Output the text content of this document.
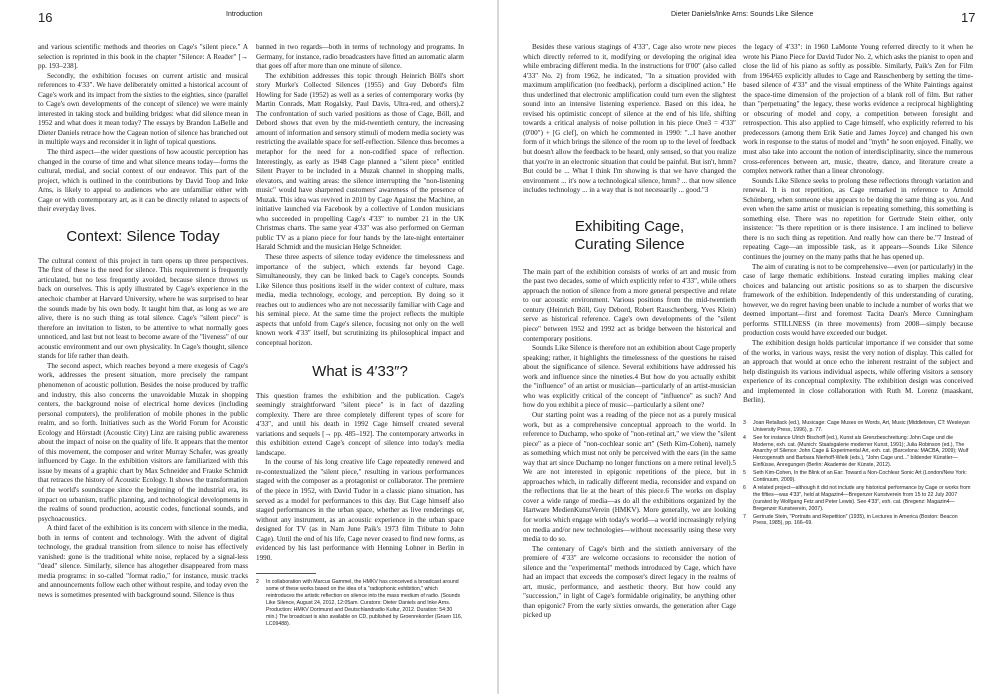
16	Introduction

and various scientific methods and theories on Cage's "silent piece." A selection is reprinted in this book in the chapter "Silence: A Reader" [→ pp. 193–238].

Secondly, the exhibition focuses on current artistic and musical references to 4′33″. We have deliberately omitted a historical account of Cage's work and its impact from the sixties to the eighties, since (parallel to Cage's own developments of the concept of silence) we were mainly interested in taking stock and building bridges: what did silence mean in 1952 and what does it mean today? The essays by Brandon LaBelle and Dieter Daniels retrace how the Cagean notion of silence has branched out in multiple ways and reconsider it in light of topical questions.

The third aspect—the wider questions of how acoustic perception has changed in the course of time and what silence means today—forms the cultural, medial, and social context of our endeavor. This part of the project, which is outlined in the contributions by David Toop and Inke Arns, is likely to appeal to audiences who are unfamiliar either with Cage or with contemporary art, as it can be directly related to aspects of their everyday lives.

Context: Silence Today

The cultural context of this project in turn opens up three perspectives. The first of these is the need for silence. This requirement is frequently articulated, but no less frequently avoided, because silence throws us back on ourselves. This is aptly illustrated by Cage's experience in the anechoic chamber at Harvard University, where he was surprised to hear the sounds made by his own body. It taught him that, as long as we are alive, there is no such thing as total silence. Cage's "silent piece" is therefore an invitation to listen, to be attentive to what normally goes unnoticed, and last but not least to become aware of the "liveness" of our acoustic environment and our own physicality. In Cage's thought, silence stands for life rather than death.

The second aspect, which reaches beyond a mere exegesis of Cage's work, addresses the present situation, more precisely the rampant phenomenon of acoustic pollution. Besides the noise produced by traffic and industry, this also concerns the unavoidable Muzak in shopping centers, the background noise of electrical home devices (including personal computers), the proliferation of mobile phones in the public realm, and so forth. Initiatives such as the World Forum for Acoustic Ecology and Hörstadt (Acoustic City) Linz are raising public awareness about the impact of noise on the quality of life. It appears that the mentor of this movement, the composer and writer Murray Schafer, was greatly influenced by Cage. In the exhibition visitors are familiarized with this issue by means of a graphic chart by Max Schneider and Frauke Schmidt that retraces the history of Acoustic Ecology. It shows the transformation of the world's soundscape since the beginning of the industrial era, its impact on urbanism, traffic planning, and technological developments in the realms of sound production, acoustic codes, functional sounds, and psychoacoustics.

A third facet of the exhibition is its concern with silence in the media, both in terms of content and technology. With the advent of digital technology, the gradual transition from silence to noise has effectively vanished: gone is the traditional white noise, replaced by a signal-less "dead" silence. Similarly, silence has altogether disappeared from mass media programs: in so-called "format radio," for instance, music tracks and announcements follow each other without respite, and today even the news is sometimes presented with background sound. Silence is thus

banned in two regards—both in terms of technology and programs. In Germany, for instance, radio broadcasters have fitted an automatic alarm that goes off after more than one minute of silence.

The exhibition addresses this topic through Heinrich Böll's short story Murke's Collected Silences (1955) and Guy Debord's film Howling for Sade (1952) as well as a series of contemporary works (by Martin Conrads, Matt Rogalsky, Paul Davis, Ultra-red, and others).2 The confrontation of such varied positions as those of Cage, Böll, and Debord shows that even by the mid-twentieth century, the increasing amount of information and sensory stimuli of modern media society was restricting the available space for self-reflection. Silence thus becomes a metaphor for the need for a non-codified space of reflection. Interestingly, as early as 1948 Cage planned a "silent piece" entitled Silent Prayer to be included in a Muzak channel in shopping malls, elevators, and waiting areas: the silence interrupting the "non-listening music" would have sharpened customers' awareness of the presence of Muzak. This idea was revived in 2010 by Cage Against the Machine, an initiative launched via Facebook by a collective of London musicians who succeeded in propelling Cage's 4′33″ to number 21 in the UK Christmas charts. The same year 4′33″ was also performed on German public TV as a piano piece for four hands by the late-night entertainer Harald Schmidt and the musician Helge Schneider.

These three aspects of silence today evidence the timelessness and importance of the subject, which extends far beyond Cage. Simultaneously, they can be linked back to Cage's concepts. Sounds Like Silence thus positions itself in the wider context of culture, mass media, media technology, ecology, and perception. By doing so it reaches out to audiences who are not necessarily familiar with Cage and his seminal piece. At the same time the project reflects the multiple aspects that unfold from Cage's silence, focusing not only on the well known work 4′33″ itself, but scrutinizing its philosophical impact and conceptual horizon.

What is 4′33″?

This question frames the exhibition and the publication. Cage's seemingly straightforward "silent piece" is in fact of dazzling complexity. There are three completely different types of score for 4′33″, and until his death in 1992 Cage himself created several variations and sequels [→ pp. 485–192]. The contemporary artworks in this exhibition extend Cage's concept of silence into today's media landscape.

In the course of his long creative life Cage repeatedly renewed and re-contextualized the "silent piece," resulting in various performances staged with the composer as a protagonist or collaborator. The premiere of the piece in 1952, with David Tudor in a classic piano situation, has served as a model for performances to this day. But Cage himself also staged performances in the urban space, whether as live renderings or, without any instrument, as an acoustic experience in the urban space designed for TV (as in Nam June Paik's 1973 film Tribute to John Cage). Until the end of his life, Cage never ceased to find new forms, as evidenced by his last performance with Henning Lohner in Berlin in 1990.

2	In collaboration with Marcus Gammel, the HMKV has conceived a broadcast around some of these works based on the idea of a "radiophonic exhibition," which reintroduces the artistic reflection on silence into the mass medium of radio. (Sounds Like Silence, August 24, 2012, 12:05am. Curators: Dieter Daniels and Inke Arns. Production: HMKV Dortmund and Deutschlandradio Kultur, 2012. Duration: 54:30 min.) The broadcast is also available on CD, published by Groenrekorder (Gruen 116, LC09488).
Dieter Daniels/Inke Arns: Sounds Like Silence	17

Besides these various stagings of 4′33″, Cage also wrote new pieces which directly referred to it, modifying or developing the original idea while embracing different media. In the instructions for 0′00″ (also called 4′33″ No. 2) from 1962, he indicated, "In a situation provided with maximum amplification (no feedback), perform a disciplined action." He thus underlined that electronic amplification could turn even the slightest sound into an intensive listening experience. Based on this idea, he revised his optimistic concept of silence at the end of his life, shifting towards a critical analysis of noise pollution in his piece One3 = 4′33″ (0′00″) + [G clef], on which he commented in 1990: "...I have another form of it which brings the silence of the room up to the level of feedback but doesn't allow the feedback to be heard, only sensed, so that you realize that you're in an electronic situation that could be painful. But isn't, hmm? But could be ... What I think I'm showing is that we have changed the environment ... it's now a technological silence, hmm? ... that now silence includes technology ... in a way that is not necessarily ... good."3

Exhibiting Cage,
Curating Silence

The main part of the exhibition consists of works of art and music from the past two decades, some of which explicitly refer to 4′33″, while others approach the notion of silence from a more general perspective and relate to our acoustic environment. Various positions from the mid-twentieth century (Heinrich Böll, Guy Debord, Robert Rauschenberg, Yves Klein) serve as historical reference. Cage's own developments of the "silent piece" between 1952 and 1992 act as bridge between the historical and contemporary positions.

Sounds Like Silence is therefore not an exhibition about Cage properly speaking; rather, it highlights the timelessness of the questions he raised about the significance of silence. Several exhibitions have addressed his work and influence since the nineties.4 But how do you actually exhibit the "influence" of an artist or musician—particularly of an artist-musician who was explicitly critical of the concept of "influence" as such? And how do you exhibit a piece of music—particularly a silent one?

Our starting point was a reading of the piece not as a purely musical work, but as a comprehensive conceptual approach to the world. In reference to Duchamp, who spoke of "non-retinal art," we view the "silent piece" as a piece of "non-cochlear sonic art" (Seth Kim-Cohen), namely as something which must not only be perceived with the ears (in the same way that art since Duchamp no longer functions on a mere retinal level).5 We are not interested in epigonic repetitions of the piece, but in approaches which, in radically different media, reconsider and expand on the reflections that lie at the heart of this piece.6 The works on display cover a wide range of media—as do all the exhibitions organized by the Hartware MedienKunstVerein (HMKV). More generally, we are looking for works which engage with today's world—a world increasingly relying on media and/or new technologies—without necessarily using these very media to do so.

The centenary of Cage's birth and the sixtieth anniversary of the premiere of 4′33″ are welcome occasions to reconsider the notion of silence and the "experimental" methods introduced by Cage, which have had an impact that exceeds the composer's direct legacy in the realms of art, music, performance, and aesthetic theory. But how could any "succession," in light of Cage's formidable originality, be anything other than epigonic? From the early sixties onwards, the generation after Cage picked up

the legacy of 4′33″: in 1960 LaMonte Young referred directly to it when he wrote his Piano Piece for David Tudor No. 2, which asks the pianist to open and close the lid of his piano as softly as possible. Similarly, Paik's Zen for Film from 1964/65 explicitly alludes to Cage and Rauschenberg by setting the time-based silence of 4′33″ and the visual emptiness of the White Paintings against the space-time dimension of the projection of a blank roll of film. But rather than "perpetuating" the legacy, these works evidence a reciprocal highlighting or obscuring of model and copy, a competition between foresight and retrospection. This also applied to Cage himself, who explicitly referred to his predecessors (among them Erik Satie and James Joyce) and changed his own work in response to the status of model and "myth" he soon enjoyed. Finally, we must also take into account the notion of interdisciplinarity, since the numerous cross-references between art, music, theatre, dance, and literature create a complex network rather than a linear chronology.

Sounds Like Silence seeks to prolong these reflections through variation and renewal. It is not repetition, as Cage remarked in reference to Arnold Schönberg, when someone else appears to be doing the same thing as you. And even when the same artist or musician is repeating something, this something is something else. There was no repetition for Gertrude Stein either, only insistence: "Is there repetition or is there insistence. I am inclined to believe there is no such thing as repetition. And really how can there be."7 Instead of repeating Cage—an impossible task, as it appears—Sounds Like Silence continues the journey on the many paths that he has opened up.

The aim of curating is not to be comprehensive—even (or particularly) in the case of large thematic exhibitions. Instead curating implies making clear choices and balancing out artistic positions so as to sharpen the discursive framework of the exhibition. Independently of this understanding of curating, however, we do regret having been unable to include a number of works that we deemed important—first and foremost Tacita Dean's Merce Cunningham performs STILLNESS (in three movements) from 2008—simply because production costs would have exceeded our budget.

The exhibition design holds particular importance if we consider that some of the works, in various ways, resist the very notion of display. This called for an approach that would at once echo the inherent restraint of the subject and help distinguish its various individual aspects, while offering visitors a sensory experience of its conceptual complexity. The exhibition design was conceived and implemented in close collaboration with Ruth M. Lorenz (maaskant, Berlin).

3	Joan Retallack (ed.), Musicage: Cage Muses on Words, Art, Music (Middletown, CT: Wesleyan University Press, 1996), p. 77.
4	See for instance Ulrich Bischoff (ed.), Kunst als Grenzbeschreitung: John Cage und die Moderne, exh. cat. (Munich: Staatsgalerie moderner Kunst, 1991); Julia Robinson (ed.), The Anarchy of Silence: John Cage & Experimental Art, exh. cat. (Barcelona: MACBA, 2009); Wulf Herzogenrath and Barbara Nierhoff-Wielk (eds.), "John Cage und..." bildender Künstler—Einflüsse, Anregungen (Berlin: Akademie der Künste, 2012).
5	Seth Kim-Cohen, In the Blink of an Ear: Toward a Non-Cochlear Sonic Art (London/New York: Continuum, 2009).
6	A related project—although it did not include any historical performance by Cage or works from the fifties—was 4′33″, held at Magazin4—Bregenzer Kunstverein from 15 to 22 July 2007 (curated by Wolfgang Fetz and Peter Lewis). See 4′33″, exh. cat. (Bregenz: Magazin4—Bregenzer Kunstverein, 2007).
7	Gertrude Stein, "Portraits and Repetition" (1935), in Lectures in America (Boston: Beacon Press, 1985), pp. 166–69.
